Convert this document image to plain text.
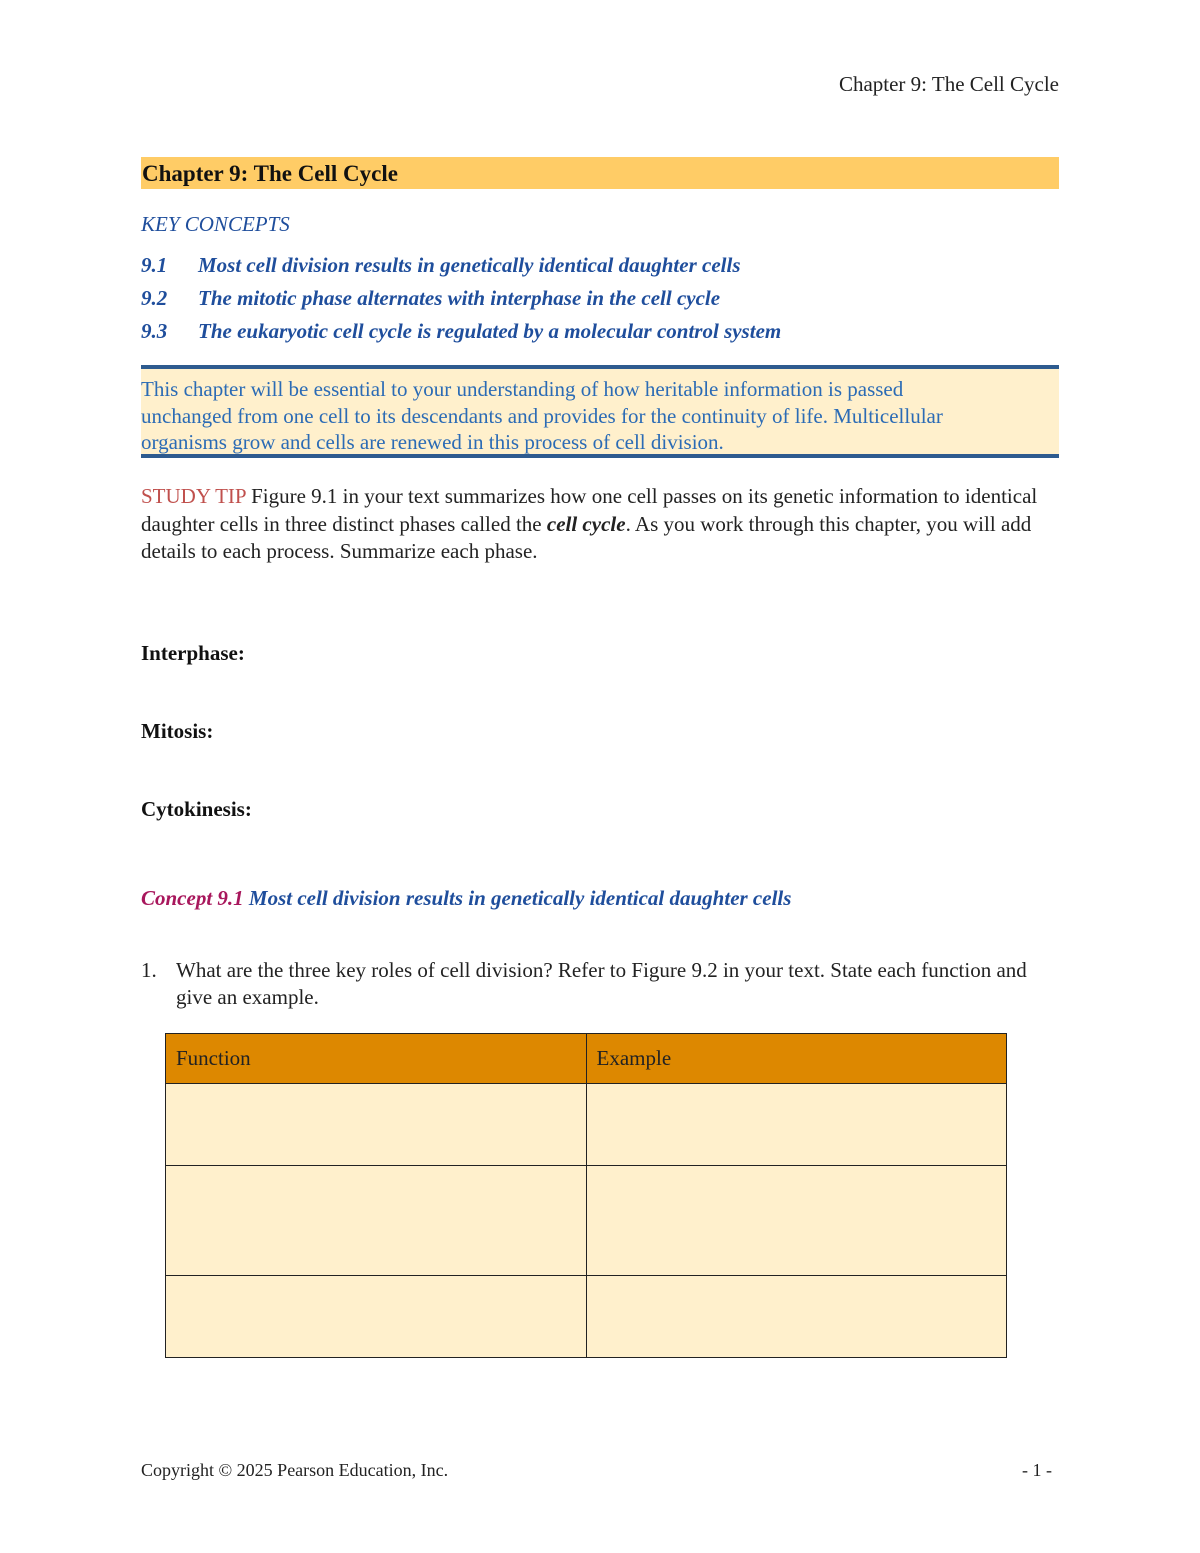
Chapter 9: The Cell Cycle
Chapter 9: The Cell Cycle
KEY CONCEPTS
9.1 Most cell division results in genetically identical daughter cells
9.2 The mitotic phase alternates with interphase in the cell cycle
9.3 The eukaryotic cell cycle is regulated by a molecular control system
This chapter will be essential to your understanding of how heritable information is passed
unchanged from one cell to its descendants and provides for the continuity of life. Multicellular
organisms grow and cells are renewed in this process of cell division.
STUDY TIP Figure 9.1 in your text summarizes how one cell passes on its genetic information to identical daughter cells in three distinct phases called the cell cycle. As you work through this chapter, you will add details to each process. Summarize each phase.
Interphase:
Mitosis:
Cytokinesis:
Concept 9.1 Most cell division results in genetically identical daughter cells
1. What are the three key roles of cell division? Refer to Figure 9.2 in your text. State each function and give an example.
Function	Example

Copyright © 2025 Pearson Education, Inc.	- 1 -
